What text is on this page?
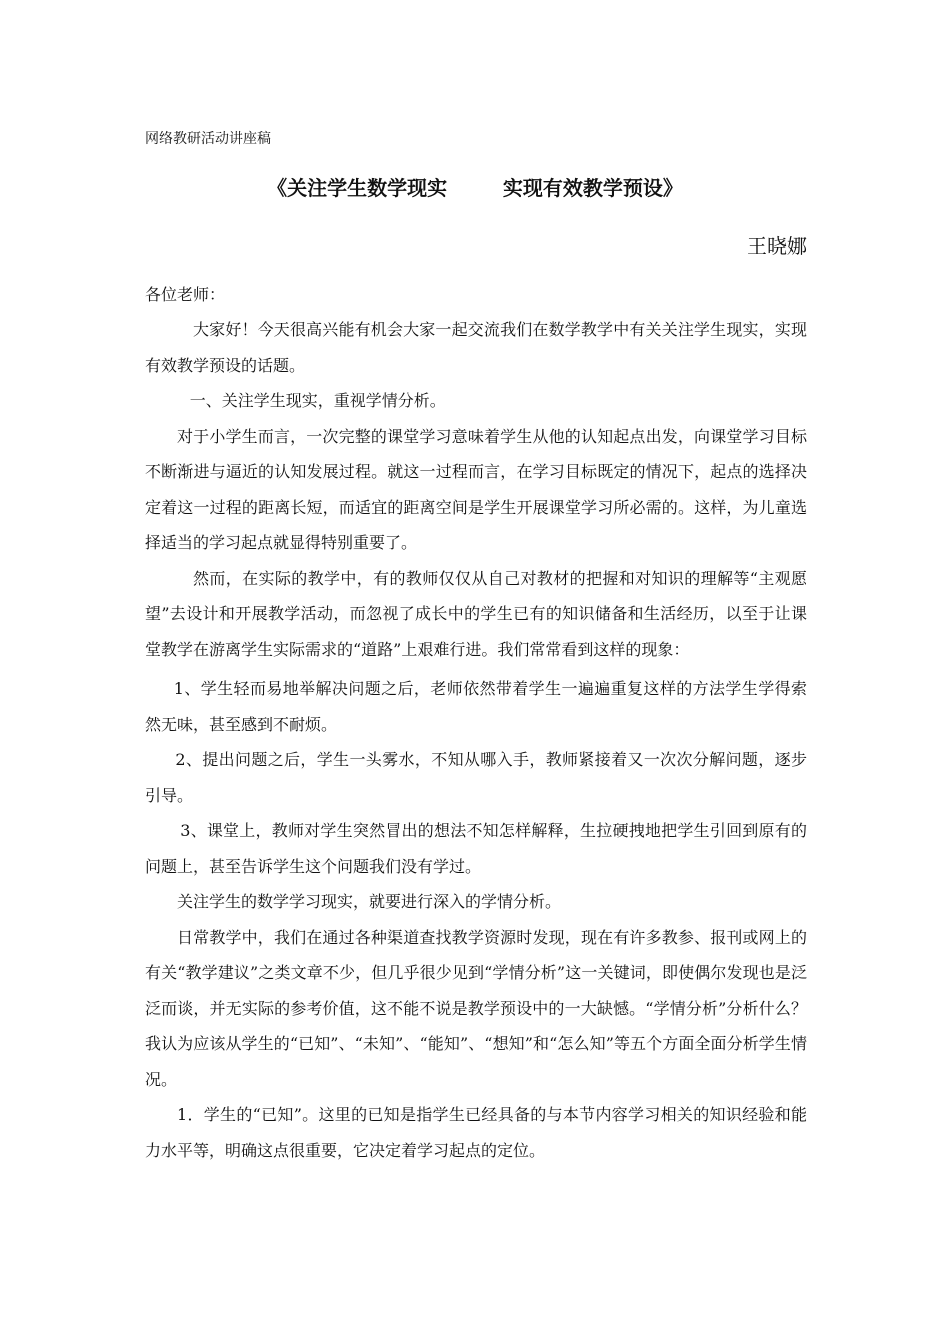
网络教研活动讲座稿
《关注学生数学现实        实现有效教学预设》
王晓娜
各位老师：

大家好！今天很高兴能有机会大家一起交流我们在数学教学中有关关注学生现实，实现有效教学预设的话题。

一、关注学生现实，重视学情分析。

对于小学生而言，一次完整的课堂学习意味着学生从他的认知起点出发，向课堂学习目标不断渐进与逼近的认知发展过程。就这一过程而言，在学习目标既定的情况下，起点的选择决定着这一过程的距离长短，而适宜的距离空间是学生开展课堂学习所必需的。这样，为儿童选择适当的学习起点就显得特别重要了。

然而，在实际的教学中，有的教师仅仅从自己对教材的把握和对知识的理解等“主观愿望”去设计和开展教学活动，而忽视了成长中的学生已有的知识储备和生活经历，以至于让课堂教学在游离学生实际需求的“道路”上艰难行进。我们常常看到这样的现象：

1、学生轻而易地举解决问题之后，老师依然带着学生一遍遍重复这样的方法学生学得索然无味，甚至感到不耐烦。

2、提出问题之后，学生一头雾水，不知从哪入手，教师紧接着又一次次分解问题，逐步引导。

3、课堂上，教师对学生突然冒出的想法不知怎样解释，生拉硬拽地把学生引回到原有的问题上，甚至告诉学生这个问题我们没有学过。

关注学生的数学学习现实，就要进行深入的学情分析。

日常教学中，我们在通过各种渠道查找教学资源时发现，现在有许多教参、报刊或网上的有关“教学建议”之类文章不少，但几乎很少见到“学情分析”这一关键词，即使偶尔发现也是泛泛而谈，并无实际的参考价值，这不能不说是教学预设中的一大缺憾。“学情分析”分析什么？ 我认为应该从学生的“已知”、“未知”、“能知”、“想知”和“怎么知”等五个方面全面分析学生情况。

1．学生的“已知”。这里的已知是指学生已经具备的与本节内容学习相关的知识经验和能力水平等，明确这点很重要，它决定着学习起点的定位。
